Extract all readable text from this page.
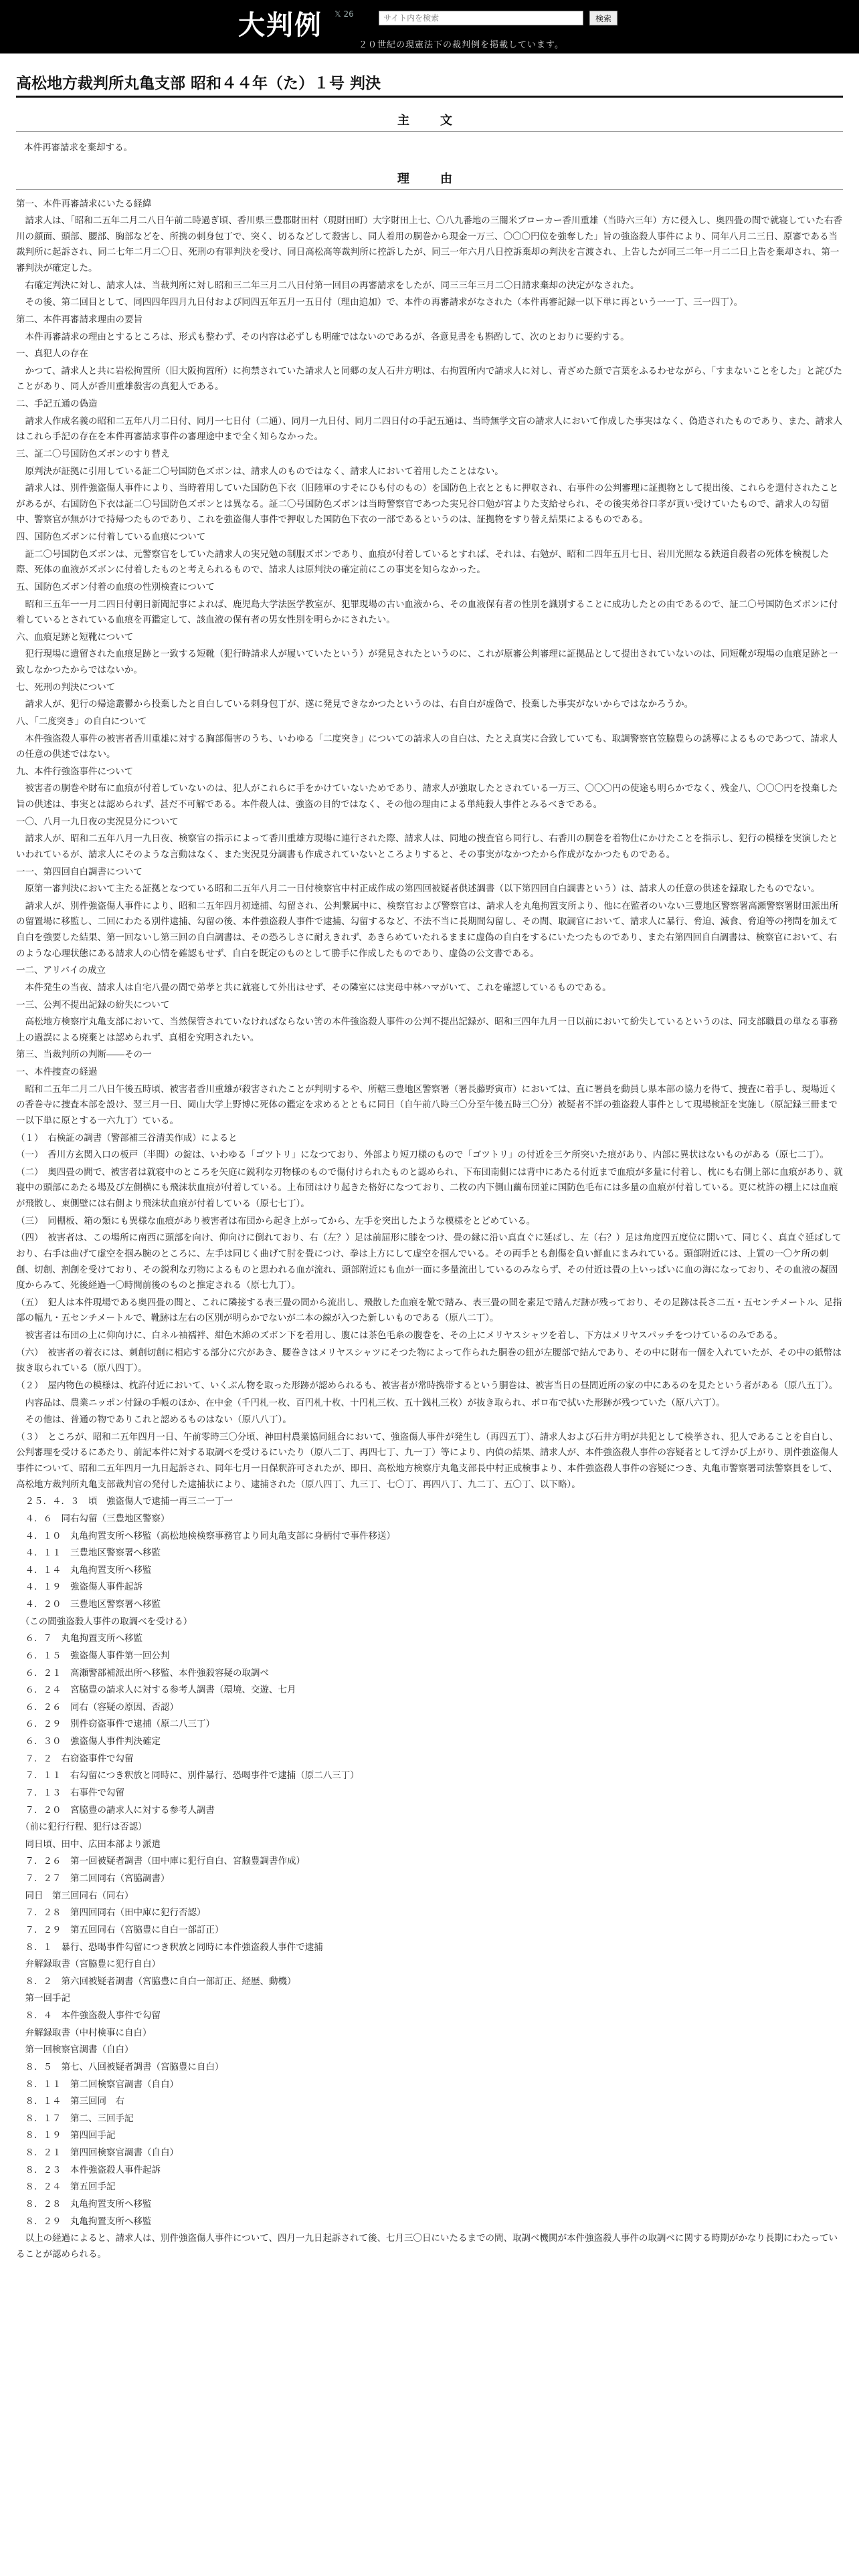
大判例 𝕏 26
サイト内を検索	検索
２０世紀の現憲法下の裁判例を掲載しています。
高松地方裁判所丸亀支部 昭和４４年（た）１号 判決
主　文

本件再審請求を棄却する。

理　由

第一、本件再審請求にいたる経緯

　請求人は、「昭和二五年二月二八日午前二時過ぎ頃、香川県三豊郡財田村（現財田町）大字財田上七、〇八九番地の三闇米ブローカー香川重雄（当時六三年）方に侵入し、奥四畳の間で就寝していた右香川の顔面、頭部、腰部、胸部などを、所携の刺身包丁で、突く、切るなどして殺害し、同人着用の胴巻から現金一万三、〇〇〇円位を強奪した」旨の強盗殺人事件により、同年八月二三日、原審である当裁判所に起訴され、同二七年二月二〇日、死刑の有罪判決を受け、同日高松高等裁判所に控訴したが、同三一年六月八日控訴棄却の判決を言渡され、上告したが同三二年一月二二日上告を棄却され、第一審判決が確定した。

　右確定判決に対し、請求人は、当裁判所に対し昭和三二年三月二八日付第一回目の再審請求をしたが、同三三年三月二〇日請求棄却の決定がなされた。

　その後、第二回目として、同四四年四月九日付および同四五年五月一五日付（理由追加）で、本件の再審請求がなされた（本件再審記録一以下単に再という一一丁、三一四丁）。

第二、本件再審請求理由の要旨

　本件再審請求の理由とするところは、形式も整わず、その内容は必ずしも明確ではないのであるが、各意見書をも斟酌して、次のとおりに要約する。

一、真犯人の存在

　かつて、請求人と共に岩松拘置所（旧大阪拘置所）に拘禁されていた請求人と同郷の友人石井方明は、右拘置所内で請求人に対し、青ざめた顔で言葉をふるわせながら、「すまないことをした」と詫びたことがあり、同人が香川重雄殺害の真犯人である。

二、手記五通の偽造

　請求人作成名義の昭和二五年八月二日付、同月一七日付（二通）、同月一九日付、同月二四日付の手記五通は、当時無学文盲の請求人において作成した事実はなく、偽造されたものであり、また、請求人はこれら手記の存在を本件再審請求事件の審理途中まで全く知らなかった。

三、証二〇号国防色ズボンのすり替え

　原判決が証拠に引用している証二〇号国防色ズボンは、請求人のものではなく、請求人において着用したことはない。

　請求人は、別件強盗傷人事件により、当時着用していた国防色下衣（旧陸軍のすそにひも付のもの）を国防色上衣とともに押収され、右事件の公判審理に証拠物として提出後、これらを還付されたことがあるが、右国防色下衣は証二〇号国防色ズボンとは異なる。証二〇号国防色ズボンは当時警察官であつた実兄谷口勉が宮よりた支給せられ、その後実弟谷口孝が貰い受けていたもので、請求人の勾留中、警察官が無がけで持帰つたものであり、これを強盗傷人事件で押収した国防色下衣の一部であるというのは、証拠物をすり替え結果によるものである。

四、国防色ズボンに付着している血痕について

　証二〇号国防色ズボンは、元警察官をしていた請求人の実兄勉の制服ズボンであり、血痕が付着しているとすれば、それは、右勉が、昭和二四年五月七日、岩川光照なる鉄道自殺者の死体を検視した際、死体の血液がズボンに付着したものと考えられるもので、請求人は原判決の確定前にこの事実を知らなかった。

五、国防色ズボン付着の血痕の性別検査について

　昭和三五年一一月二四日付朝日新聞記事によれば、鹿児島大学法医学教室が、犯罪現場の古い血液から、その血液保有者の性別を識別することに成功したとの由であるので、証二〇号国防色ズボンに付着しているとされている血痕を再鑑定して、該血液の保有者の男女性別を明らかにされたい。

六、血痕足跡と短靴について

　犯行現場に遺留された血痕足跡と一致する短靴（犯行時請求人が履いていたという）が発見されたというのに、これが原審公判審理に証拠品として提出されていないのは、同短靴が現場の血痕足跡と一致しなかつたからではないか。

七、死刑の判決について

　請求人が、犯行の帰途叢鬱から投棄したと自白している刺身包丁が、遂に発見できなかつたというのは、右自白が虚偽で、投棄した事実がないからではなかろうか。

八、「二度突き」の自白について

　本件強盗殺人事件の被害者香川重雄に対する胸部傷害のうち、いわゆる「二度突き」についての請求人の自白は、たとえ真実に合致していても、取調警察官笠脇豊らの誘導によるものであつて、請求人の任意の供述ではない。

九、本件行強盗事件について

　被害者の胴巻や財布に血痕が付着していないのは、犯人がこれらに手をかけていないためであり、請求人が強取したとされている一万三、〇〇〇円の使途も明らかでなく、残金八、〇〇〇円を投棄した旨の供述は、事実とは認められず、甚だ不可解である。本件殺人は、強盗の目的ではなく、その他の理由による単純殺人事件とみるべきである。

一〇、八月一九日夜の実況見分について

　請求人が、昭和二五年八月一九日夜、検察官の指示によって香川重雄方現場に連行された際、請求人は、同地の捜査官ら同行し、右香川の胴巻を着物仕にかけたことを指示し、犯行の模様を実演したといわれているが、請求人にそのような言動はなく、また実況見分調書も作成されていないところよりすると、その事実がなかつたから作成がなかつたものである。

一一、第四回自白調書について

　原第一審判決において主たる証拠となつている昭和二五年八月二一日付検察官中村正成作成の第四回被疑者供述調書（以下第四回自白調書という）は、請求人の任意の供述を録取したものでない。

　請求人が、別件強盗傷人事件により、昭和二五年四月初達捕、勾留され、公判繋属中に、検察官および警察官は、請求人を丸亀拘置支所より、他に在監者のいない三豊地区警察署高瀬警察署財田派出所の留置場に移監し、二回にわたる別件逮捕、勾留の後、本件強盗殺人事件で逮捕、勾留するなど、不法不当に長期間勾留し、その間、取調官において、請求人に暴行、脅迫、減食、脅迫等の拷問を加えて自白を強要した結果、第一回ないし第三回の自白調書は、その恐ろしさに耐えきれず、あきらめていたれるままに虚偽の自白をするにいたつたものであり、また右第四回自白調書は、検察官において、右のような心理状態にある請求人の心情を確認もせず、自白を既定のものとして勝手に作成したものであり、虚偽の公文書である。

一二、アリバイの成立

　本件発生の当夜、請求人は自宅八畳の間で弟孝と共に就寝して外出はせず、その隣室には実母中林ハマがいて、これを確認しているものである。

一三、公判不提出記録の紛失について

　高松地方検察庁丸亀支部において、当然保管されていなければならない筈の本件強盗殺人事件の公判不提出記録が、昭和三四年九月一日以前において紛失しているというのは、同支部職員の単なる事務上の過誤による廃棄とは認められず、真相を究明されたい。

第三、当裁判所の判断――その一

一、本件捜査の経過

　昭和二五年二月二八日午後五時頃、被害者香川重雄が殺害されたことが判明するや、所轄三豊地区警察署（署長藤野寅市）においては、直に署員を動員し県本部の協力を得て、捜査に着手し、現場近くの香巻寺に捜査本部を設け、翌三月一日、岡山大学上野博に死体の鑑定を求めるとともに同日（自午前八時三〇分至午後五時三〇分）被疑者不詳の強盗殺人事件として現場検証を実施し（原記録三冊まで一以下単に原とする一六九丁）ている。

（１）　右検証の調書（警部補三谷清美作成）によると

（一）　香川方玄関入口の板戸（半間）の錠は、いわゆる「ゴツトリ」になつており、外部より短刀様のもので「ゴツトリ」の付近を三ケ所突いた痕があり、内部に異状はないものがある（原七二丁）。

（二）　奥四畳の間で、被害者は就寝中のところを矢庭に鋭利な刃物様のもので傷付けられたものと認められ、下布団南側には背中にあたる付近まで血痕が多量に付着し、枕にも右側上部に血痕があり、就寝中の頭部にあたる場及び左側横にも飛沫状血痕が付着している。上布団はけり起きた格好になつており、二枚の内下側山繭布団並に国防色毛布には多量の血痕が付着している。更に枕許の棚上には血痕が飛散し、東側壁には右側より飛沫状血痕が付着している（原七七丁）。

（三）　同棚板、箱の類にも異様な血痕があり被害者は布団から起き上がってから、左手を突出したような模様をとどめている。

（四）　被害者は、この場所に南西に頭部を向け、仰向けに倒れており、右（左？）足は前屈形に膝をつけ、畳の縁に沿い真直ぐに延ばし、左（右？）足は角度四五度位に開いて、同じく、真直ぐ延ばしており、右手は曲げて虚空を掴み腕のところに、左手は同じく曲げて肘を畳につけ、拳は上方にして虚空を掴んでいる。その両手とも創傷を負い鮮血にまみれている。頭部附近には、上質の一〇ケ所の刺創、切創、割創を受けており、その鋭利な刃物によるものと思われる血が流れ、頭部附近にも血が一面に多量流出しているのみならず、その付近は畳の上いっぱいに血の海になっており、その血液の凝固度からみて、死後経過一〇時間前後のものと推定される（原七九丁）。

（五）　犯人は本件現場である奥四畳の間と、これに隣接する表三畳の間から流出し、飛散した血痕を靴で踏み、表三畳の間を素足で踏んだ跡が残っており、その足跡は長さ二五・五センチメートル、足指部の幅九・五センチメートルで、靴跡は左右の区別が明らかでないが二本の線が入つた新しいものである（原八二丁）。

　被害者は布団の上に仰向けに、白ネル袖襦袢、紺色木綿のズボン下を着用し、腹には茶色毛糸の腹巻を、その上にメリヤスシャツを着し、下方はメリヤスパッチをつけているのみである。

（六）　被害者の着衣には、刺創切創に相応する部分に穴があき、腰巻きはメリヤスシャツにそつた物によって作られた胴巻の紐が左腰部で結んであり、その中に財布一個を入れていたが、その中の紙幣は抜き取られている（原八四丁）。

（２）　屋内物色の模様は、枕許付近において、いくぶん物を取った形跡が認められるも、被害者が常時携帯するという胴巻は、被害当日の昼間近所の家の中にあるのを見たという者がある（原八五丁）。

　内容品は、農業ニッポン付録の手帳のほか、在中金（千円札一枚、百円札十枚、十円札三枚、五十銭札三枚）が抜き取られ、ボロ布で拭いた形跡が残つていた（原八六丁）。

　その他は、普通の物でありこれと認めるものはない（原八八丁）。

（３）　ところが、昭和二五年四月一日、午前零時三〇分頃、神田村農業協同組合において、強盗傷人事件が発生し（再四五丁）、請求人および石井方明が共犯として検挙され、犯人であることを自白し、公判審理を受けるにあたり、前記本件に対する取調べを受けるにいたり（原八二丁、再四七丁、九一丁）等により、内偵の結果、請求人が、本件強盗殺人事件の容疑者として浮かび上がり、別件強盗傷人事件について、昭和二五年四月一九日起訴され、同年七月一日保釈許可されたが、即日、高松地方検察庁丸亀支部長中村正成検事より、本件強盗殺人事件の容疑につき、丸亀市警察署司法警察員をして、高松地方裁判所丸亀支部裁判官の発付した逮捕状により、逮捕された（原八四丁、九三丁、七〇丁、再四八丁、九二丁、五〇丁、以下略）。

　２５．４．３　頃　強盗傷人で逮捕一再三二一丁一

　４．６　同右勾留（三豊地区警察）

　４．１０　丸亀拘置支所へ移監（高松地検検察事務官より同丸亀支部に身柄付で事件移送）

　４．１１　三豊地区警察署へ移監

　４．１４　丸亀拘置支所へ移監

　４．１９　強盗傷人事件起訴

　４．２０　三豊地区警察署へ移監

　（この間強盗殺人事件の取調べを受ける）

　６．７　丸亀拘置支所へ移監

　６．１５　強盗傷人事件第一回公判

　６．２１　高瀬警部補派出所へ移監、本件強殺容疑の取調べ

　６．２４　宮脇豊の請求人に対する参考人調書（環境、交遊、七月

　６．２６　同右（容疑の原因、否認）

　６．２９　別件窃盗事件で逮捕（原二八三丁）

　６．３０　強盗傷人事件判決確定

　７．２　右窃盗事件で勾留

　７．１１　右勾留につき釈放と同時に、別件暴行、恐喝事件で逮捕（原二八三丁）

　７．１３　右事件で勾留

　７．２０　宮脇豊の請求人に対する参考人調書

　（前に犯行行程、犯行は否認）

　同日頃、田中、広田本部より派遣

　７．２６　第一回被疑者調書（田中庫に犯行自白、宮脇豊調書作成）

　７．２７　第二回同右（宮脇調書）

　同日　第三回同右（同右）

　７．２８　第四回同右（田中庫に犯行否認）

　７．２９　第五回同右（宮脇豊に自白一部訂正）

　８．１　暴行、恐喝事件勾留につき釈放と同時に本件強盗殺人事件で逮捕

　弁解録取書（宮脇豊に犯行自白）

　８．２　第六回被疑者調書（宮脇豊に自白一部訂正、経歴、動機）

　第一回手記

　８．４　本件強盗殺人事件で勾留

　弁解録取書（中村検事に自白）

　第一回検察官調書（自白）

　８．５　第七、八回被疑者調書（宮脇豊に自白）

　８．１１　第二回検察官調書（自白）

　８．１４　第三回同　右

　８．１７　第二、三回手記

　８．１９　第四回手記

　８．２１　第四回検察官調書（自白）

　８．２３　本件強盗殺人事件起訴

　８．２４　第五回手記

　８．２８　丸亀拘置支所へ移監

　８．２９　丸亀拘置支所へ移監

　以上の経過によると、請求人は、別件強盗傷人事件について、四月一九日起訴されて後、七月三〇日にいたるまでの間、取調べ機関が本件強盗殺人事件の取調べに関する時期がかなり長期にわたっていることが認められる。
